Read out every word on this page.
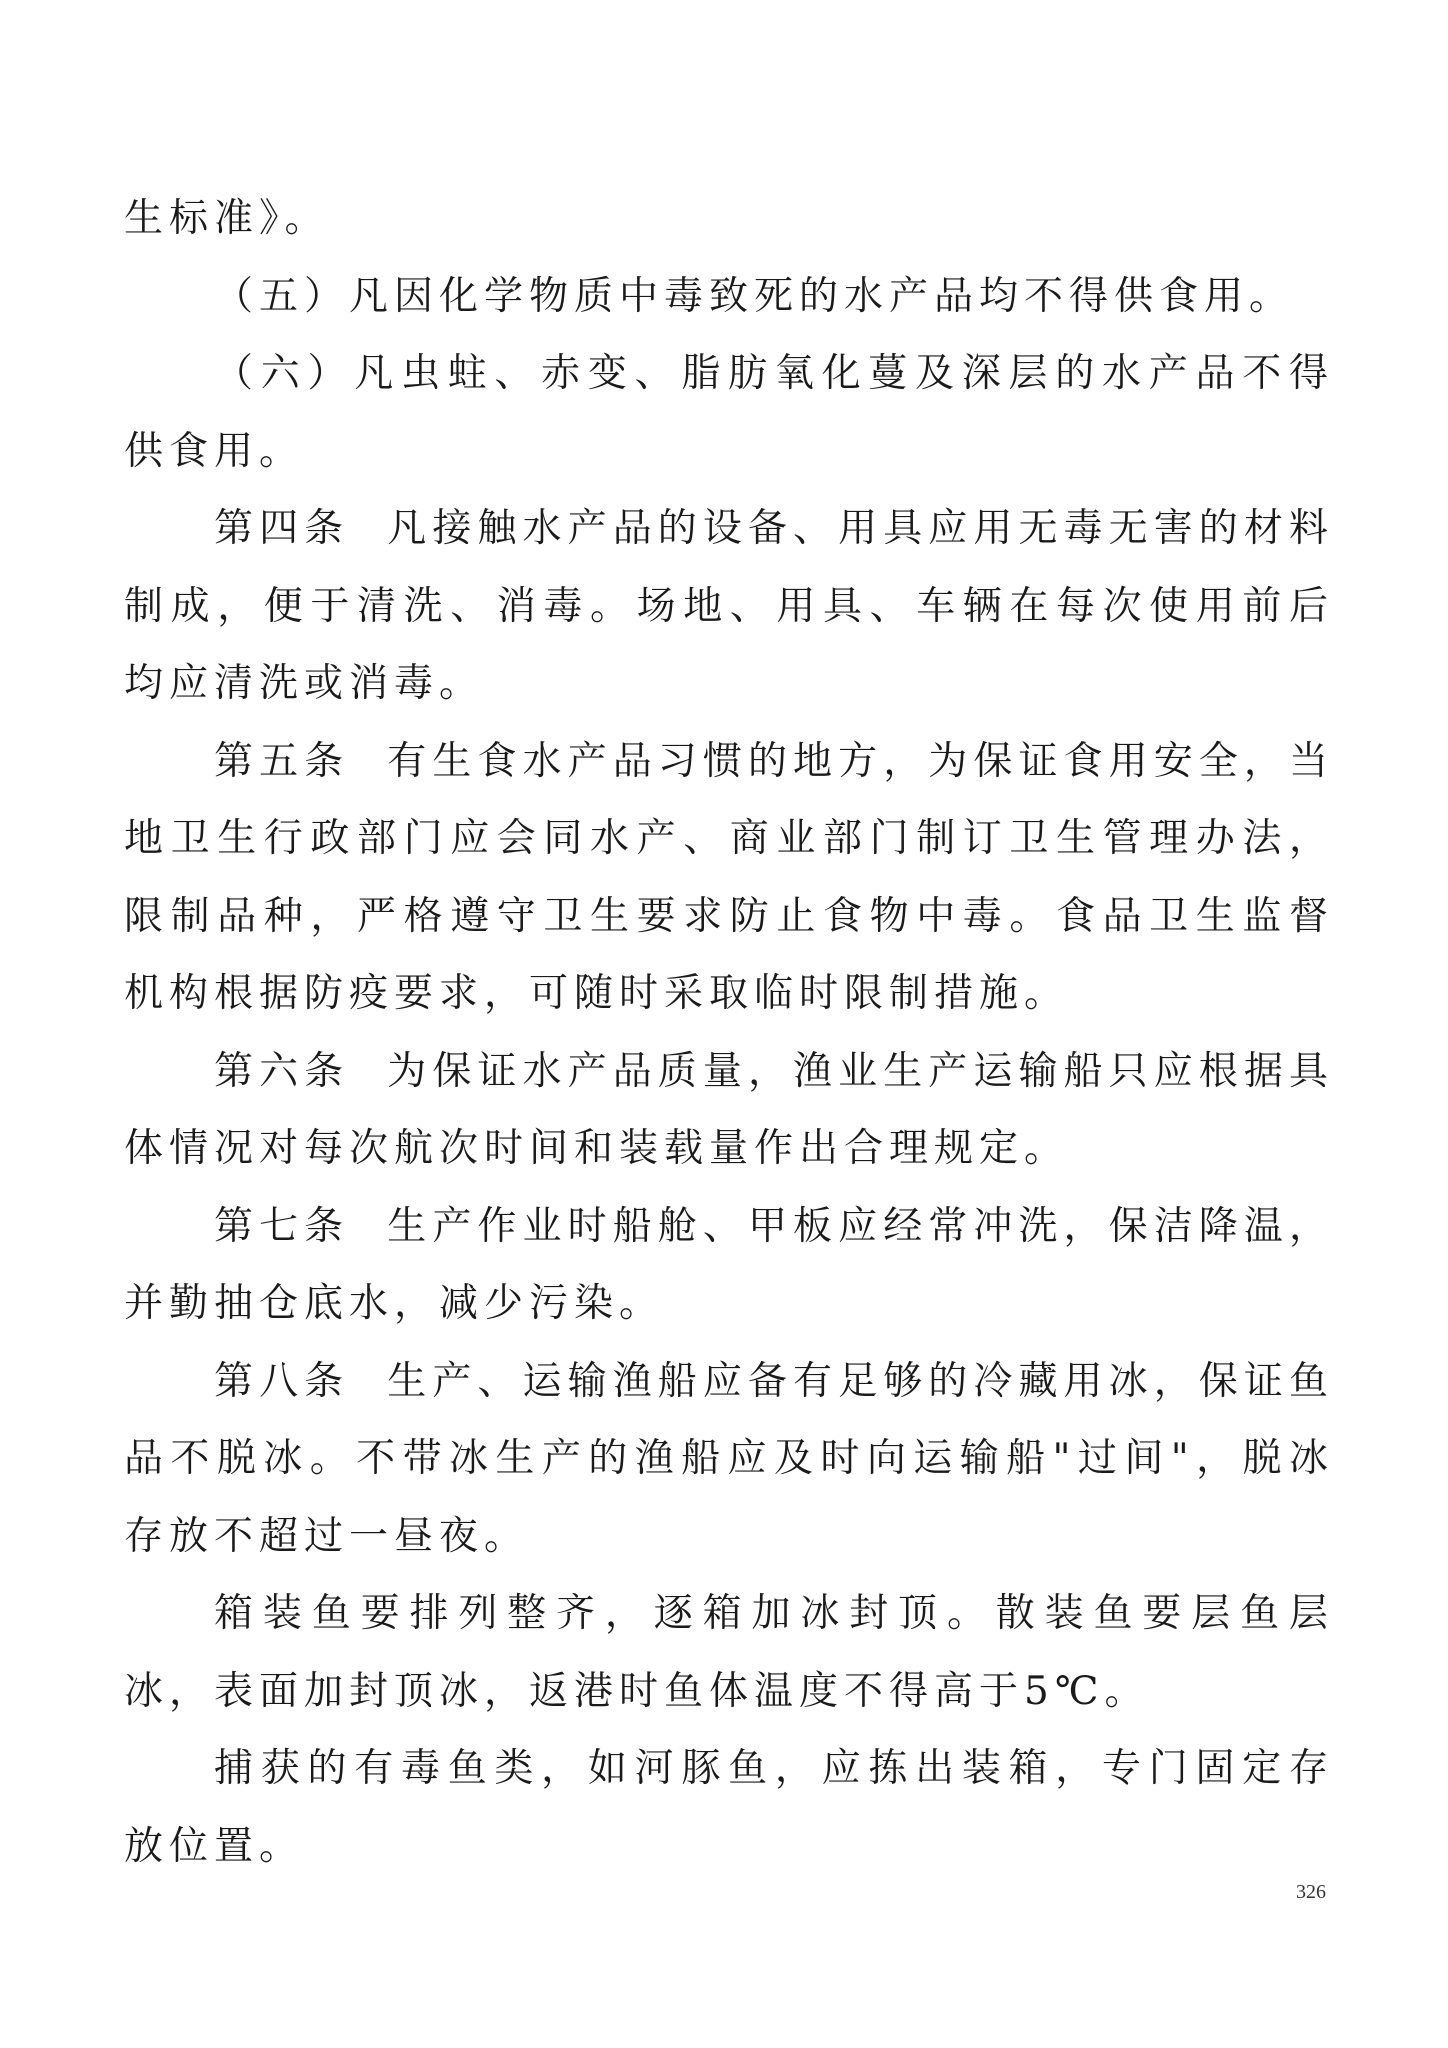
生标准》。

（五）凡因化学物质中毒致死的水产品均不得供食用。

（六）凡虫蛀、赤变、脂肪氧化蔓及深层的水产品不得供食用。

第四条 凡接触水产品的设备、用具应用无毒无害的材料制成，便于清洗、消毒。场地、用具、车辆在每次使用前后均应清洗或消毒。

第五条 有生食水产品习惯的地方，为保证食用安全，当地卫生行政部门应会同水产、商业部门制订卫生管理办法，限制品种，严格遵守卫生要求防止食物中毒。食品卫生监督机构根据防疫要求，可随时采取临时限制措施。

第六条 为保证水产品质量，渔业生产运输船只应根据具体情况对每次航次时间和装载量作出合理规定。

第七条 生产作业时船舱、甲板应经常冲洗，保洁降温，并勤抽仓底水，减少污染。

第八条 生产、运输渔船应备有足够的冷藏用冰，保证鱼品不脱冰。不带冰生产的渔船应及时向运输船"过间"，脱冰存放不超过一昼夜。

箱装鱼要排列整齐，逐箱加冰封顶。散装鱼要层鱼层冰，表面加封顶冰，返港时鱼体温度不得高于5℃。

捕获的有毒鱼类，如河豚鱼，应拣出装箱，专门固定存放位置。

326
